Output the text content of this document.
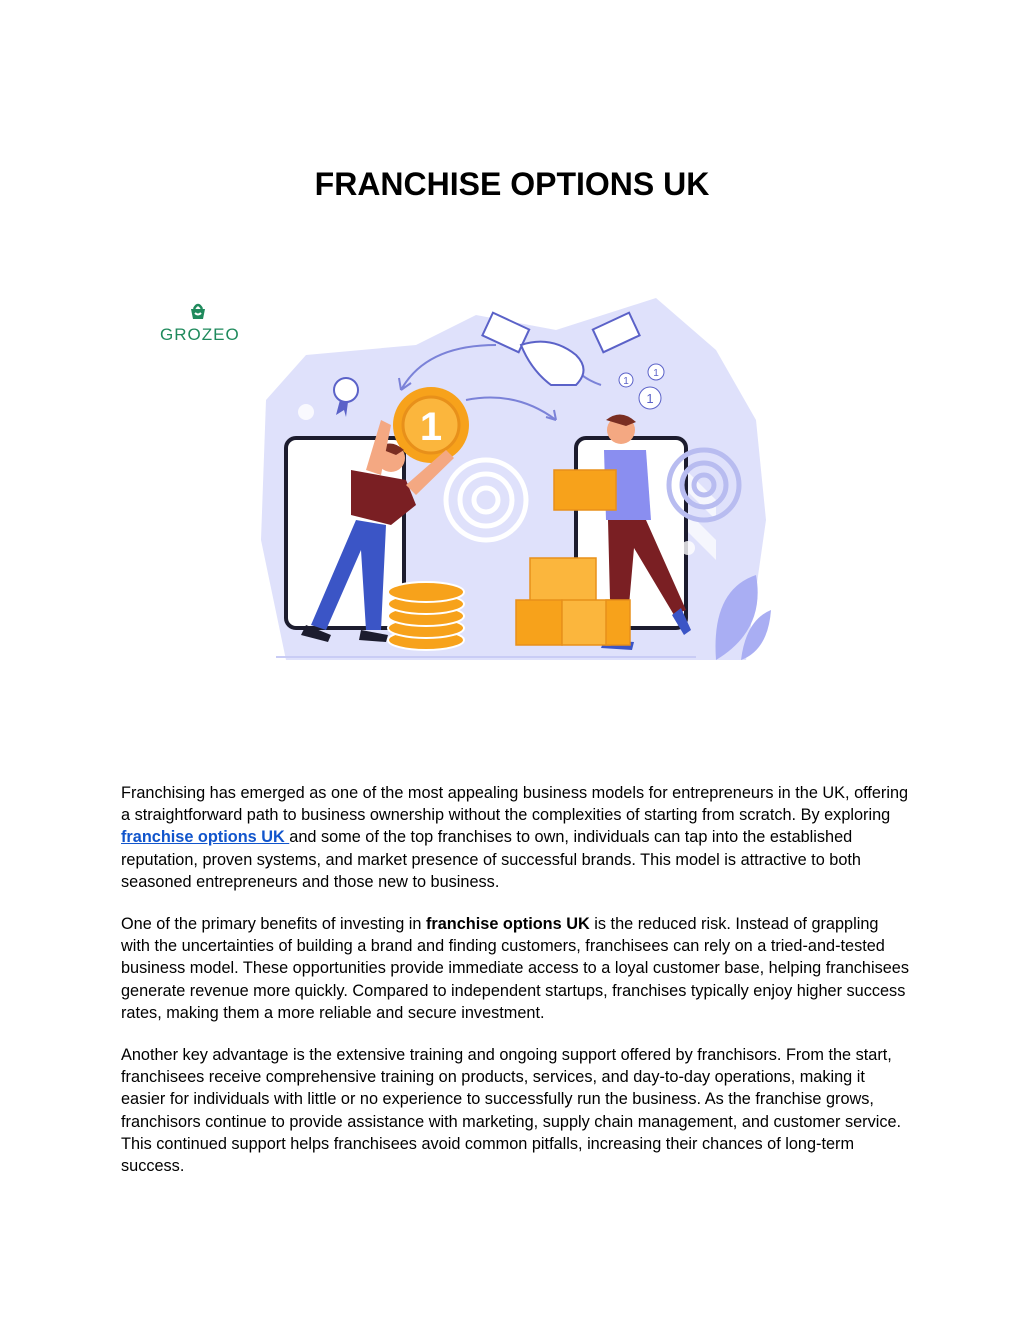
FRANCHISE OPTIONS UK
1
1
1
1
GROZEO

Franchising has emerged as one of the most appealing business models for entrepreneurs in the UK, offering a straightforward path to business ownership without the complexities of starting from scratch. By exploring franchise options UK and some of the top franchises to own, individuals can tap into the established reputation, proven systems, and market presence of successful brands. This model is attractive to both seasoned entrepreneurs and those new to business.

One of the primary benefits of investing in franchise options UK is the reduced risk. Instead of grappling with the uncertainties of building a brand and finding customers, franchisees can rely on a tried-and-tested business model. These opportunities provide immediate access to a loyal customer base, helping franchisees generate revenue more quickly. Compared to independent startups, franchises typically enjoy higher success rates, making them a more reliable and secure investment.

Another key advantage is the extensive training and ongoing support offered by franchisors. From the start, franchisees receive comprehensive training on products, services, and day-to-day operations, making it easier for individuals with little or no experience to successfully run the business. As the franchise grows, franchisors continue to provide assistance with marketing, supply chain management, and customer service. This continued support helps franchisees avoid common pitfalls, increasing their chances of long-term success.
